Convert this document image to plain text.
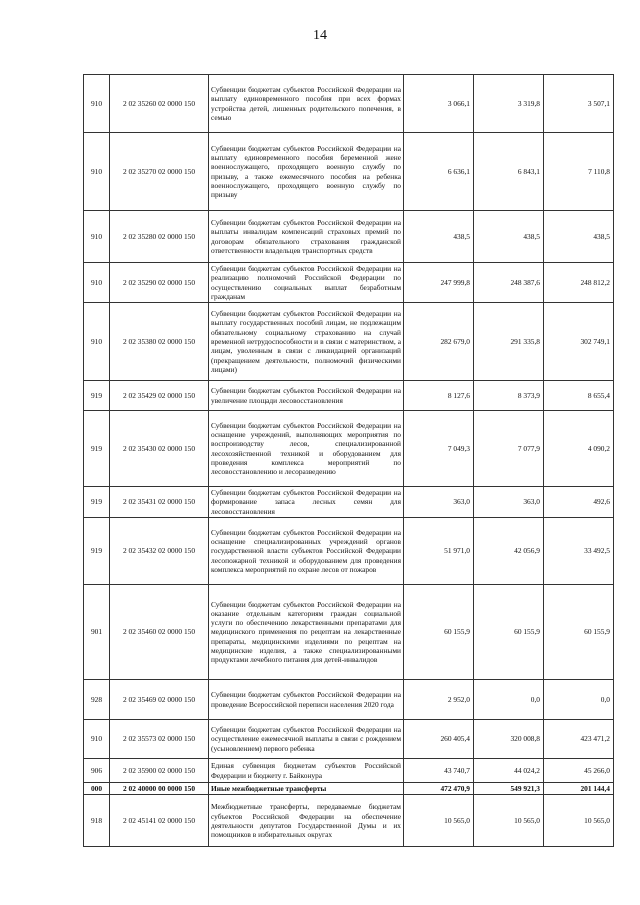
14
910	2 02 35260 02 0000 150	Субвенции бюджетам субъектов Российской Федерации на выплату единовременного пособия при всех формах устройства детей, лишенных родительского попечения, в семью	3 066,1	3 319,8	3 507,1
910	2 02 35270 02 0000 150	Субвенции бюджетам субъектов Российской Федерации на выплату единовременного пособия беременной жене военнослужащего, проходящего военную службу по призыву, а также ежемесячного пособия на ребенка военнослужащего, проходящего военную службу по призыву	6 636,1	6 843,1	7 110,8
910	2 02 35280 02 0000 150	Субвенции бюджетам субъектов Российской Федерации на выплаты инвалидам компенсаций страховых премий по договорам обязательного страхования гражданской ответственности владельцев транспортных средств	438,5	438,5	438,5
910	2 02 35290 02 0000 150	Субвенции бюджетам субъектов Российской Федерации на реализацию полномочий Российской Федерации по осуществлению социальных выплат безработным гражданам	247 999,8	248 387,6	248 812,2
910	2 02 35380 02 0000 150	Субвенции бюджетам субъектов Российской Федерации на выплату государственных пособий лицам, не подлежащим обязательному социальному страхованию на случай временной нетрудоспособности и в связи с материнством, а лицам, уволенным в связи с ликвидацией организаций (прекращением деятельности, полномочий физическими лицами)	282 679,0	291 335,8	302 749,1
919	2 02 35429 02 0000 150	Субвенции бюджетам субъектов Российской Федерации на увеличение площади лесовосстановления	8 127,6	8 373,9	8 655,4
919	2 02 35430 02 0000 150	Субвенции бюджетам субъектов Российской Федерации на оснащение учреждений, выполняющих мероприятия по воспроизводству лесов, специализированной лесохозяйственной техникой и оборудованием для проведения комплекса мероприятий по лесовосстановлению и лесоразведению	7 049,3	7 077,9	4 090,2
919	2 02 35431 02 0000 150	Субвенции бюджетам субъектов Российской Федерации на формирование запаса лесных семян для лесовосстановления	363,0	363,0	492,6
919	2 02 35432 02 0000 150	Субвенции бюджетам субъектов Российской Федерации на оснащение специализированных учреждений органов государственной власти субъектов Российской Федерации лесопожарной техникой и оборудованием для проведения комплекса мероприятий по охране лесов от пожаров	51 971,0	42 056,9	33 492,5
901	2 02 35460 02 0000 150	Субвенции бюджетам субъектов Российской Федерации на оказание отдельным категориям граждан социальной услуги по обеспечению лекарственными препаратами для медицинского применения по рецептам на лекарственные препараты, медицинскими изделиями по рецептам на медицинские изделия, а также специализированными продуктами лечебного питания для детей-инвалидов	60 155,9	60 155,9	60 155,9
928	2 02 35469 02 0000 150	Субвенции бюджетам субъектов Российской Федерации на проведение Всероссийской переписи населения 2020 года	2 952,0	0,0	0,0
910	2 02 35573 02 0000 150	Субвенции бюджетам субъектов Российской Федерации на осуществление ежемесячной выплаты в связи с рождением (усыновлением) первого ребенка	260 405,4	320 008,8	423 471,2
906	2 02 35900 02 0000 150	Единая субвенция бюджетам субъектов Российской Федерации и бюджету г. Байконура	43 740,7	44 024,2	45 266,0
000	2 02 40000 00 0000 150	Иные межбюджетные трансферты	472 470,9	549 921,3	201 144,4
918	2 02 45141 02 0000 150	Межбюджетные трансферты, передаваемые бюджетам субъектов Российской Федерации на обеспечение деятельности депутатов Государственной Думы и их помощников в избирательных округах	10 565,0	10 565,0	10 565,0
